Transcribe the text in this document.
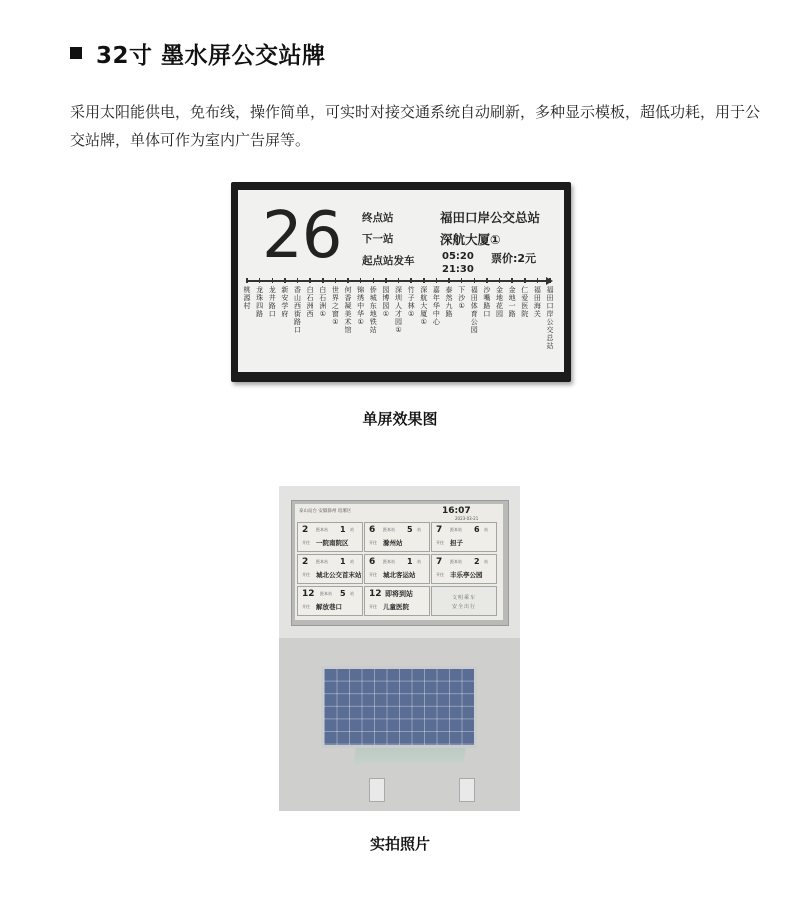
32寸 墨水屏公交站牌
采用太阳能供电，免布线，操作简单，可实时对接交通系统自动刷新，多种显示模板，超低功耗，用于公交站牌，单体可作为室内广告屏等。
26 终点站	福田口岸公交总站
下一站	深航大厦①
起点站发车	05:20
21:30
票价:2元
桃源村
龙珠四路
龙井路口
新安学府
香山西街路口
白石洲西
白石洲①
世界之窗①
何香凝美术馆
锦绣中华①
侨城东地铁站
园博园①
深圳人才园①
竹子林①
深航大厦①
嘉年华中心
泰然九路
下沙①
福田体育公园
沙嘴路口
金地花园
金地一路
仁爱医院
福田海关
福田口岸公交总站
单屏效果图
泰山站台 安徽滁州 琅琊区	16:07
2023-03-21
2 距本站 1 站
开往 一院南院区
6 距本站 5 站
开往 滁州站
7 距本站 6 站
开往 担子
2 距本站 1 站
开往 城北公交首末站
6 距本站 1 站
开往 城北客运站
7 距本站 2 站
开往 丰乐亭公园
12 距本站 5 站
开往 解放巷口
12 即将到站
开往 儿童医院
文明乘车
安全出行
实拍照片
